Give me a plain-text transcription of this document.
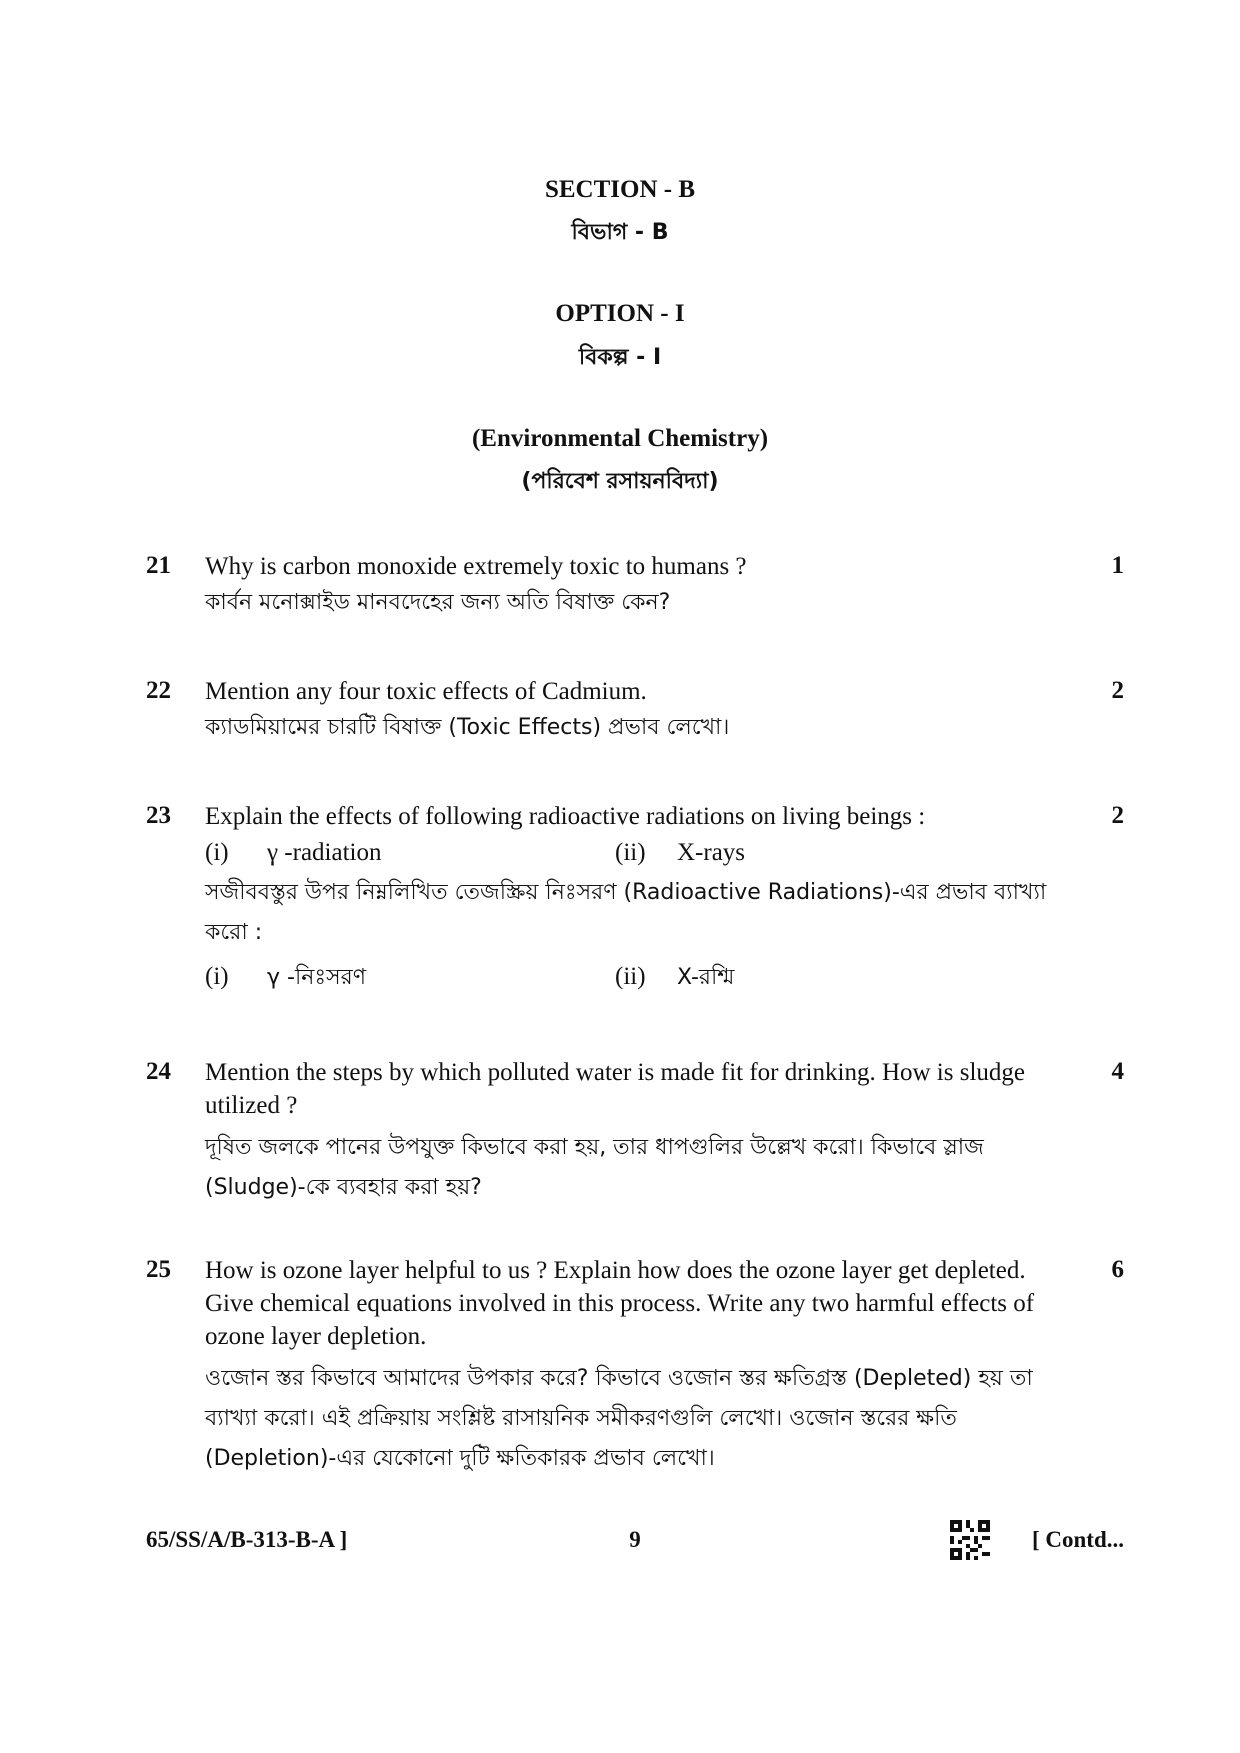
SECTION - B
বিভাগ - B
OPTION - I
বিকল্প - I
(Environmental Chemistry)
(পরিবেশ রসায়নবিদ্যা)
21	1

Why is carbon monoxide extremely toxic to humans ?

কার্বন মনোক্সাইড মানবদেহের জন্য অতি বিষাক্ত কেন?

22	2

Mention any four toxic effects of Cadmium.

ক্যাডমিয়ামের চারটি বিষাক্ত (Toxic Effects) প্রভাব লেখো।

23	2

Explain the effects of following radioactive radiations on living beings :

(i) γ -radiation	(ii) X-rays

সজীববস্তুর উপর নিম্নলিখিত তেজস্ক্রিয় নিঃসরণ (Radioactive Radiations)-এর প্রভাব ব্যাখ্যা করো :

(i) γ -নিঃসরণ	(ii) X-রশ্মি
24	4

Mention the steps by which polluted water is made fit for drinking. How is sludge utilized ?

দূষিত জলকে পানের উপযুক্ত কিভাবে করা হয়, তার ধাপগুলির উল্লেখ করো। কিভাবে স্লাজ (Sludge)-কে ব্যবহার করা হয়?

25	6

How is ozone layer helpful to us ? Explain how does the ozone layer get depleted. Give chemical equations involved in this process. Write any two harmful effects of ozone layer depletion.

ওজোন স্তর কিভাবে আমাদের উপকার করে? কিভাবে ওজোন স্তর ক্ষতিগ্রস্ত (Depleted) হয় তা ব্যাখ্যা করো। এই প্রক্রিয়ায় সংশ্লিষ্ট রাসায়নিক সমীকরণগুলি লেখো। ওজোন স্তরের ক্ষতি (Depletion)-এর যেকোনো দুটি ক্ষতিকারক প্রভাব লেখো।

65/SS/A/B-313-B-A ]	9	[ Contd...
